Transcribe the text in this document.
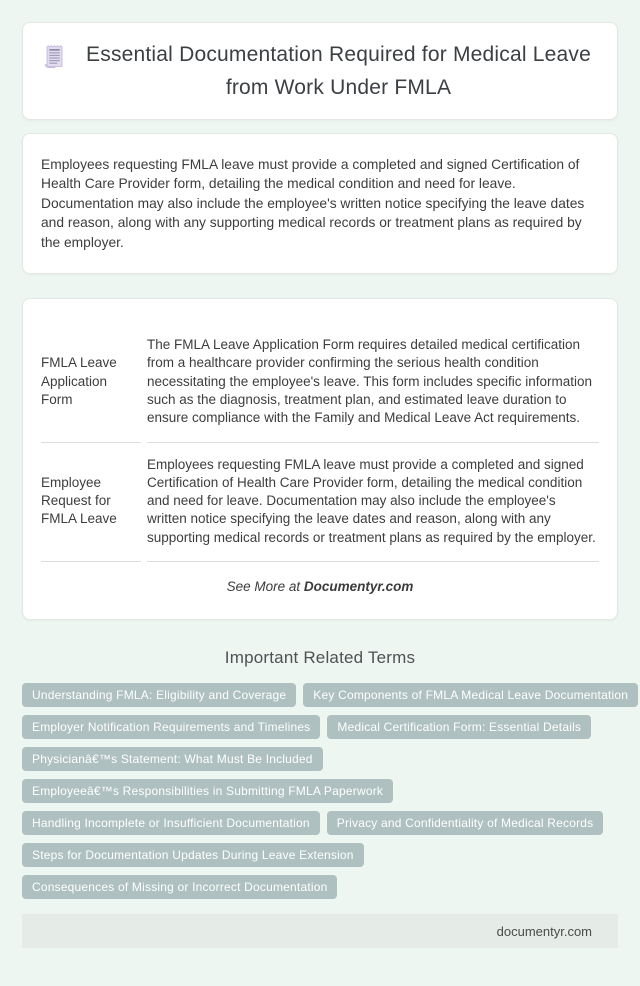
Essential Documentation Required for Medical Leave from Work Under FMLA

Employees requesting FMLA leave must provide a completed and signed Certification of Health Care Provider form, detailing the medical condition and need for leave. Documentation may also include the employee's written notice specifying the leave dates and reason, along with any supporting medical records or treatment plans as required by the employer.

FMLA Leave Application Form	The FMLA Leave Application Form requires detailed medical certification from a healthcare provider confirming the serious health condition necessitating the employee's leave. This form includes specific information such as the diagnosis, treatment plan, and estimated leave duration to ensure compliance with the Family and Medical Leave Act requirements.
Employee Request for FMLA Leave	Employees requesting FMLA leave must provide a completed and signed Certification of Health Care Provider form, detailing the medical condition and need for leave. Documentation may also include the employee's written notice specifying the leave dates and reason, along with any supporting medical records or treatment plans as required by the employer.
See More at Documentyr.com
Important Related Terms
Understanding FMLA: Eligibility and Coverage	Key Components of FMLA Medical Leave Documentation
Employer Notification Requirements and Timelines	Medical Certification Form: Essential Details
Physicianâ€™s Statement: What Must Be Included
Employeeâ€™s Responsibilities in Submitting FMLA Paperwork
Handling Incomplete or Insufficient Documentation	Privacy and Confidentiality of Medical Records
Steps for Documentation Updates During Leave Extension
Consequences of Missing or Incorrect Documentation
documentyr.com
